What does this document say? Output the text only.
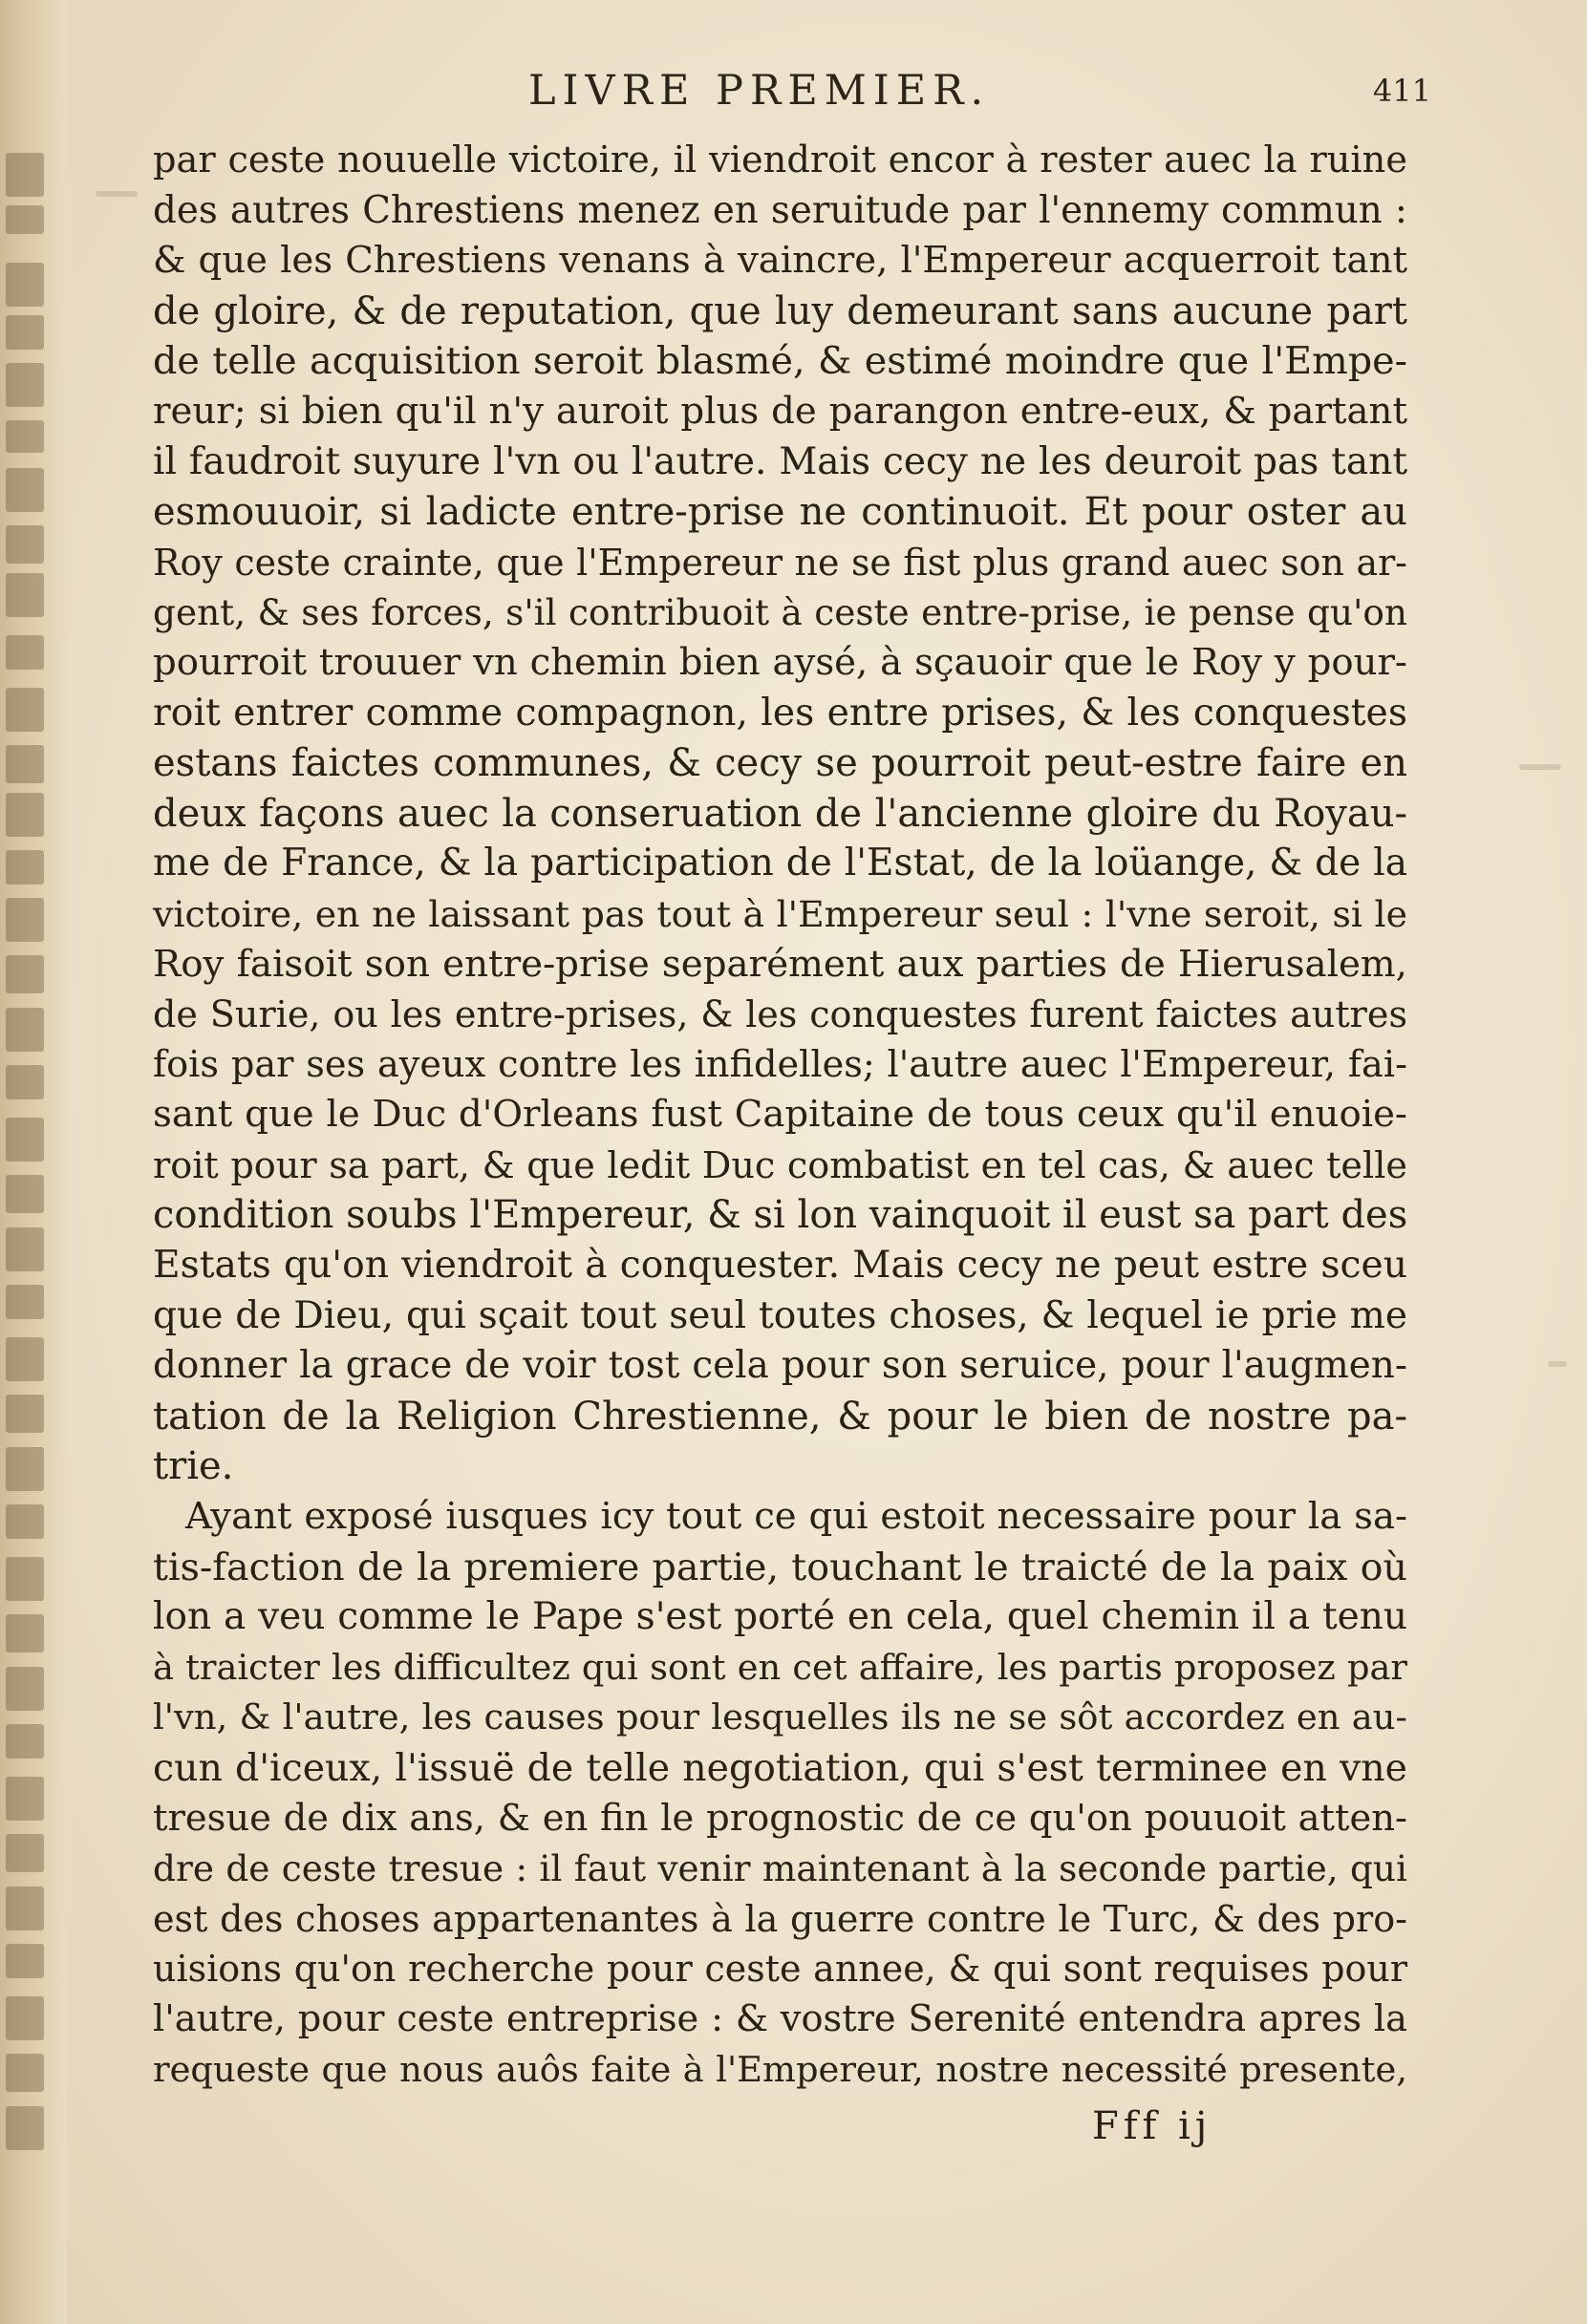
LIVRE PREMIER.	411
par ceste nouuelle victoire, il viendroit encor à rester auec la ruine
des autres Chrestiens menez en seruitude par l'ennemy commun :
& que les Chrestiens venans à vaincre, l'Empereur acquerroit tant
de gloire, & de reputation, que luy demeurant sans aucune part
de telle acquisition seroit blasmé, & estimé moindre que l'Empe-
reur; si bien qu'il n'y auroit plus de parangon entre-eux, & partant
il faudroit suyure l'vn ou l'autre. Mais cecy ne les deuroit pas tant
esmouuoir, si ladicte entre-prise ne continuoit. Et pour oster au
Roy ceste crainte, que l'Empereur ne se fist plus grand auec son ar-
gent, & ses forces, s'il contribuoit à ceste entre-prise, ie pense qu'on
pourroit trouuer vn chemin bien aysé, à sçauoir que le Roy y pour-
roit entrer comme compagnon, les entre prises, & les conquestes
estans faictes communes, & cecy se pourroit peut-estre faire en
deux façons auec la conseruation de l'ancienne gloire du Royau-
me de France, & la participation de l'Estat, de la loüange, & de la
victoire, en ne laissant pas tout à l'Empereur seul : l'vne seroit, si le
Roy faisoit son entre-prise separément aux parties de Hierusalem,
de Surie, ou les entre-prises, & les conquestes furent faictes autres
fois par ses ayeux contre les infidelles; l'autre auec l'Empereur, fai-
sant que le Duc d'Orleans fust Capitaine de tous ceux qu'il enuoie-
roit pour sa part, & que ledit Duc combatist en tel cas, & auec telle
condition soubs l'Empereur, & si lon vainquoit il eust sa part des
Estats qu'on viendroit à conquester. Mais cecy ne peut estre sceu
que de Dieu, qui sçait tout seul toutes choses, & lequel ie prie me
donner la grace de voir tost cela pour son seruice, pour l'augmen-
tation de la Religion Chrestienne, & pour le bien de nostre pa-
trie.
Ayant exposé iusques icy tout ce qui estoit necessaire pour la sa-
tis-faction de la premiere partie, touchant le traicté de la paix où
lon a veu comme le Pape s'est porté en cela, quel chemin il a tenu
à traicter les difficultez qui sont en cet affaire, les partis proposez par
l'vn, & l'autre, les causes pour lesquelles ils ne se sôt accordez en au-
cun d'iceux, l'issuë de telle negotiation, qui s'est terminee en vne
tresue de dix ans, & en fin le prognostic de ce qu'on pouuoit atten-
dre de ceste tresue : il faut venir maintenant à la seconde partie, qui
est des choses appartenantes à la guerre contre le Turc, & des pro-
uisions qu'on recherche pour ceste annee, & qui sont requises pour
l'autre, pour ceste entreprise : & vostre Serenité entendra apres la
requeste que nous auôs faite à l'Empereur, nostre necessité presente,
Fff ij
